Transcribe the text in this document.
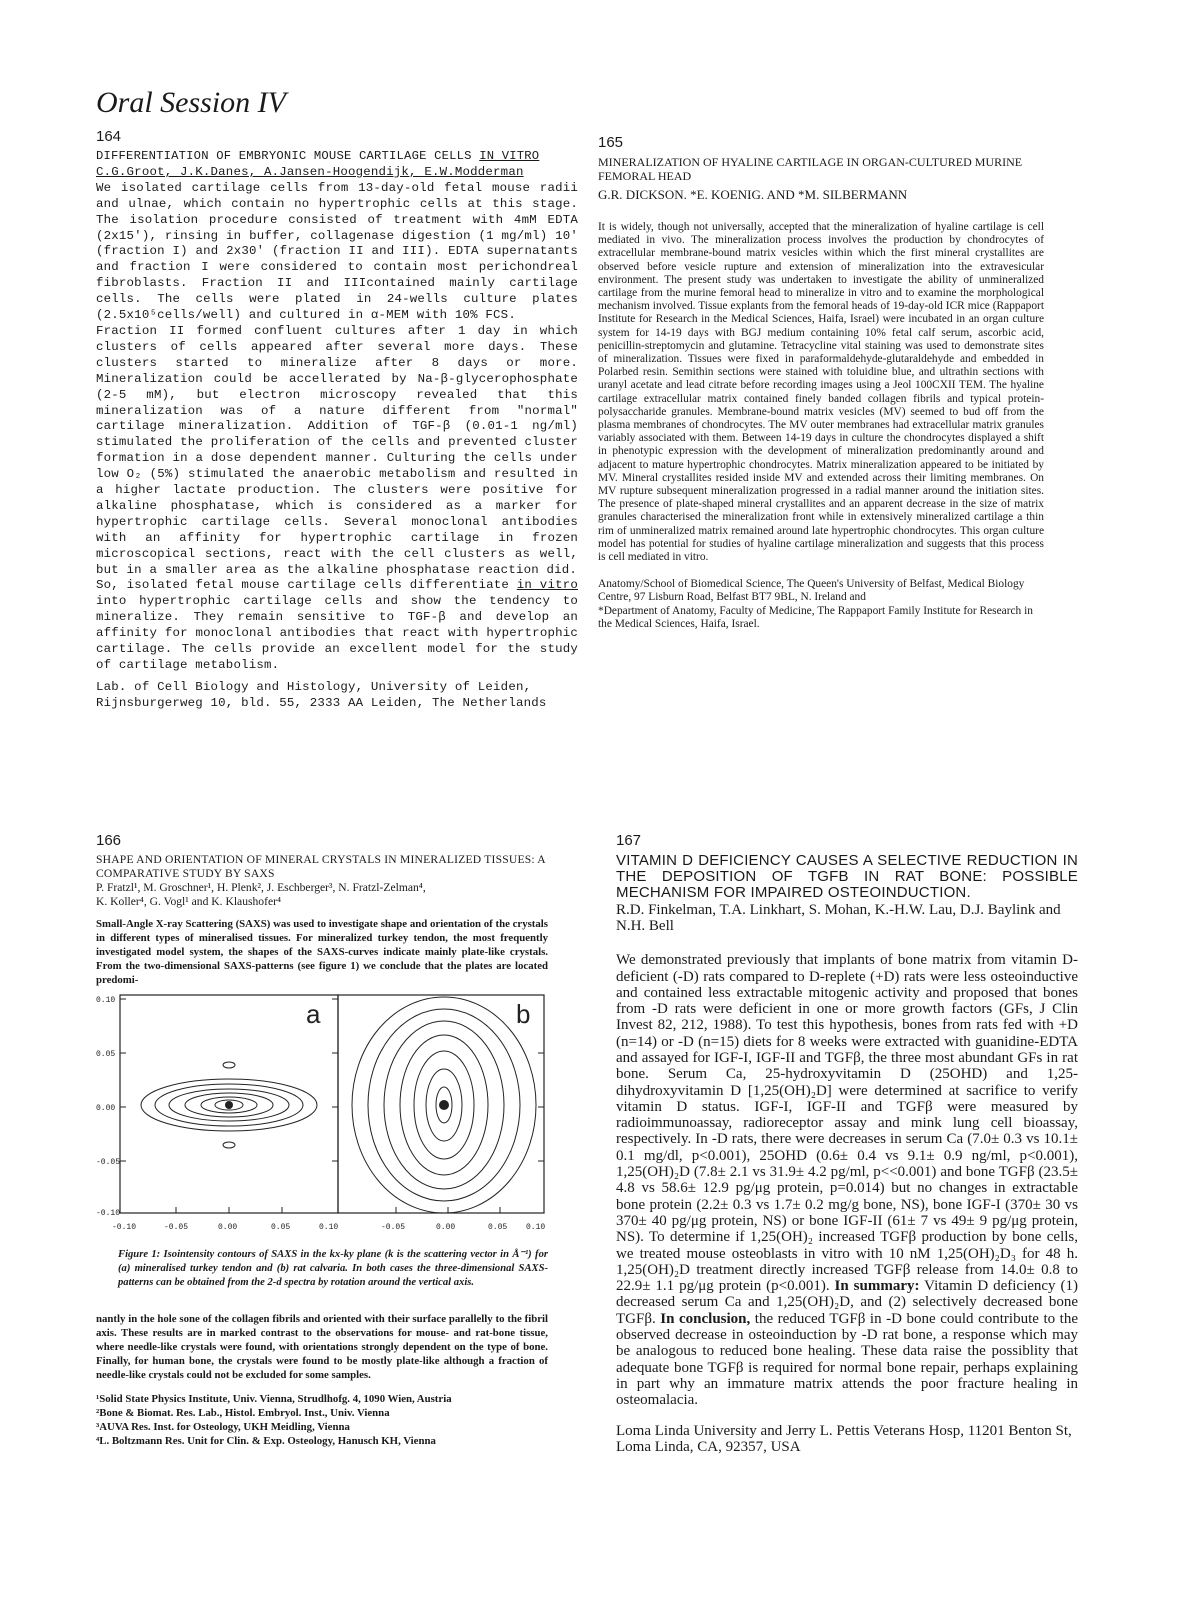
Oral Session IV
164
DIFFERENTIATION OF EMBRYONIC MOUSE CARTILAGE CELLS IN VITRO
C.G.Groot, J.K.Danes, A.Jansen-Hoogendijk, E.W.Modderman

We isolated cartilage cells from 13-day-old fetal mouse radii and ulnae, which contain no hypertrophic cells at this stage. The isolation procedure consisted of treatment with 4mM EDTA (2x15'), rinsing in buffer, collagenase digestion (1 mg/ml) 10' (fraction I) and 2x30' (fraction II and III). EDTA supernatants and fraction I were considered to contain most perichondreal fibroblasts. Fraction II and IIIcontained mainly cartilage cells. The cells were plated in 24-wells culture plates (2.5x10⁵cells/well) and cultured in α-MEM with 10% FCS.

Fraction II formed confluent cultures after 1 day in which clusters of cells appeared after several more days. These clusters started to mineralize after 8 days or more. Mineralization could be accellerated by Na-β-glycerophosphate (2-5 mM), but electron microscopy revealed that this mineralization was of a nature different from "normal" cartilage mineralization. Addition of TGF-β (0.01-1 ng/ml) stimulated the proliferation of the cells and prevented cluster formation in a dose dependent manner. Culturing the cells under low O₂ (5%) stimulated the anaerobic metabolism and resulted in a higher lactate production. The clusters were positive for alkaline phosphatase, which is considered as a marker for hypertrophic cartilage cells. Several monoclonal antibodies with an affinity for hypertrophic cartilage in frozen microscopical sections, react with the cell clusters as well, but in a smaller area as the alkaline phosphatase reaction did.

So, isolated fetal mouse cartilage cells differentiate in vitro into hypertrophic cartilage cells and show the tendency to mineralize. They remain sensitive to TGF-β and develop an affinity for monoclonal antibodies that react with hypertrophic cartilage. The cells provide an excellent model for the study of cartilage metabolism.

Lab. of Cell Biology and Histology, University of Leiden, Rijnsburgerweg 10, bld. 55, 2333 AA Leiden, The Netherlands

165
MINERALIZATION OF HYALINE CARTILAGE IN ORGAN-CULTURED MURINE FEMORAL HEAD
G.R. DICKSON. *E. KOENIG. AND *M. SILBERMANN

It is widely, though not universally, accepted that the mineralization of hyaline cartilage is cell mediated in vivo. The mineralization process involves the production by chondrocytes of extracellular membrane-bound matrix vesicles within which the first mineral crystallites are observed before vesicle rupture and extension of mineralization into the extravesicular environment. The present study was undertaken to investigate the ability of unmineralized cartilage from the murine femoral head to mineralize in vitro and to examine the morphological mechanism involved. Tissue explants from the femoral heads of 19-day-old ICR mice (Rappaport Institute for Research in the Medical Sciences, Haifa, Israel) were incubated in an organ culture system for 14-19 days with BGJ medium containing 10% fetal calf serum, ascorbic acid, penicillin-streptomycin and glutamine. Tetracycline vital staining was used to demonstrate sites of mineralization. Tissues were fixed in paraformaldehyde-glutaraldehyde and embedded in Polarbed resin. Semithin sections were stained with toluidine blue, and ultrathin sections with uranyl acetate and lead citrate before recording images using a Jeol 100CXII TEM. The hyaline cartilage extracellular matrix contained finely banded collagen fibrils and typical protein-polysaccharide granules. Membrane-bound matrix vesicles (MV) seemed to bud off from the plasma membranes of chondrocytes. The MV outer membranes had extracellular matrix granules variably associated with them. Between 14-19 days in culture the chondrocytes displayed a shift in phenotypic expression with the development of mineralization predominantly around and adjacent to mature hypertrophic chondrocytes. Matrix mineralization appeared to be initiated by MV. Mineral crystallites resided inside MV and extended across their limiting membranes. On MV rupture subsequent mineralization progressed in a radial manner around the initiation sites. The presence of plate-shaped mineral crystallites and an apparent decrease in the size of matrix granules characterised the mineralization front while in extensively mineralized cartilage a thin rim of unmineralized matrix remained around late hypertrophic chondrocytes. This organ culture model has potential for studies of hyaline cartilage mineralization and suggests that this process is cell mediated in vitro.

Anatomy/School of Biomedical Science, The Queen's University of Belfast, Medical Biology Centre, 97 Lisburn Road, Belfast BT7 9BL, N. Ireland and

*Department of Anatomy, Faculty of Medicine, The Rappaport Family Institute for Research in the Medical Sciences, Haifa, Israel.

166
SHAPE AND ORIENTATION OF MINERAL CRYSTALS IN MINERALIZED TISSUES: A COMPARATIVE STUDY BY SAXS
P. Fratzl¹, M. Groschner¹, H. Plenk², J. Eschberger³, N. Fratzl-Zelman⁴,
K. Koller⁴, G. Vogl¹ and K. Klaushofer⁴

Small-Angle X-ray Scattering (SAXS) was used to investigate shape and orientation of the crystals in different types of mineralised tissues. For mineralized turkey tendon, the most frequently investigated model system, the shapes of the SAXS-curves indicate mainly plate-like crystals. From the two-dimensional SAXS-patterns (see figure 1) we conclude that the plates are located predomi-

0.10
0.05
0.00
-0.05
-0.10
a	b
-0.10	-0.05	0.00	0.05	0.10	-0.05	0.00	0.05 0.10

Figure 1: Isointensity contours of SAXS in the kx-ky plane (k is the scattering vector in Å⁻¹) for (a) mineralised turkey tendon and (b) rat calvaria. In both cases the three-dimensional SAXS-patterns can be obtained from the 2-d spectra by rotation around the vertical axis.

nantly in the hole sone of the collagen fibrils and oriented with their surface parallelly to the fibril axis. These results are in marked contrast to the observations for mouse- and rat-bone tissue, where needle-like crystals were found, with orientations strongly dependent on the type of bone. Finally, for human bone, the crystals were found to be mostly plate-like although a fraction of needle-like crystals could not be excluded for some samples.

¹Solid State Physics Institute, Univ. Vienna, Strudlhofg. 4, 1090 Wien, Austria
²Bone & Biomat. Res. Lab., Histol. Embryol. Inst., Univ. Vienna
³AUVA Res. Inst. for Osteology, UKH Meidling, Vienna
⁴L. Boltzmann Res. Unit for Clin. & Exp. Osteology, Hanusch KH, Vienna
167

VITAMIN D DEFICIENCY CAUSES A SELECTIVE REDUCTION IN THE DEPOSITION OF TGFΒ IN RAT BONE: POSSIBLE MECHANISM FOR IMPAIRED OSTEOINDUCTION.

R.D. Finkelman, T.A. Linkhart, S. Mohan, K.-H.W. Lau, D.J. Baylink and N.H. Bell

We demonstrated previously that implants of bone matrix from vitamin D-deficient (-D) rats compared to D-replete (+D) rats were less osteoinductive and contained less extractable mitogenic activity and proposed that bones from -D rats were deficient in one or more growth factors (GFs, J Clin Invest 82, 212, 1988). To test this hypothesis, bones from rats fed with +D (n=14) or -D (n=15) diets for 8 weeks were extracted with guanidine-EDTA and assayed for IGF-I, IGF-II and TGFβ, the three most abundant GFs in rat bone. Serum Ca, 25-hydroxyvitamin D (25OHD) and 1,25-dihydroxyvitamin D [1,25(OH)₂D] were determined at sacrifice to verify vitamin D status. IGF-I, IGF-II and TGFβ were measured by radioimmunoassay, radioreceptor assay and mink lung cell bioassay, respectively. In -D rats, there were decreases in serum Ca (7.0± 0.3 vs 10.1± 0.1 mg/dl, p<0.001), 25OHD (0.6± 0.4 vs 9.1± 0.9 ng/ml, p<0.001), 1,25(OH)₂D (7.8± 2.1 vs 31.9± 4.2 pg/ml, p<<0.001) and bone TGFβ (23.5± 4.8 vs 58.6± 12.9 pg/μg protein, p=0.014) but no changes in extractable bone protein (2.2± 0.3 vs 1.7± 0.2 mg/g bone, NS), bone IGF-I (370± 30 vs 370± 40 pg/μg protein, NS) or bone IGF-II (61± 7 vs 49± 9 pg/μg protein, NS). To determine if 1,25(OH)₂ increased TGFβ production by bone cells, we treated mouse osteoblasts in vitro with 10 nM 1,25(OH)₂D₃ for 48 h. 1,25(OH)₂D treatment directly increased TGFβ release from 14.0± 0.8 to 22.9± 1.1 pg/μg protein (p<0.001). In summary: Vitamin D deficiency (1) decreased serum Ca and 1,25(OH)₂D, and (2) selectively decreased bone TGFβ. In conclusion, the reduced TGFβ in -D bone could contribute to the observed decrease in osteoinduction by -D rat bone, a response which may be analogous to reduced bone healing. These data raise the possiblity that adequate bone TGFβ is required for normal bone repair, perhaps explaining in part why an immature matrix attends the poor fracture healing in osteomalacia.

Loma Linda University and Jerry L. Pettis Veterans Hosp, 11201 Benton St, Loma Linda, CA, 92357, USA
